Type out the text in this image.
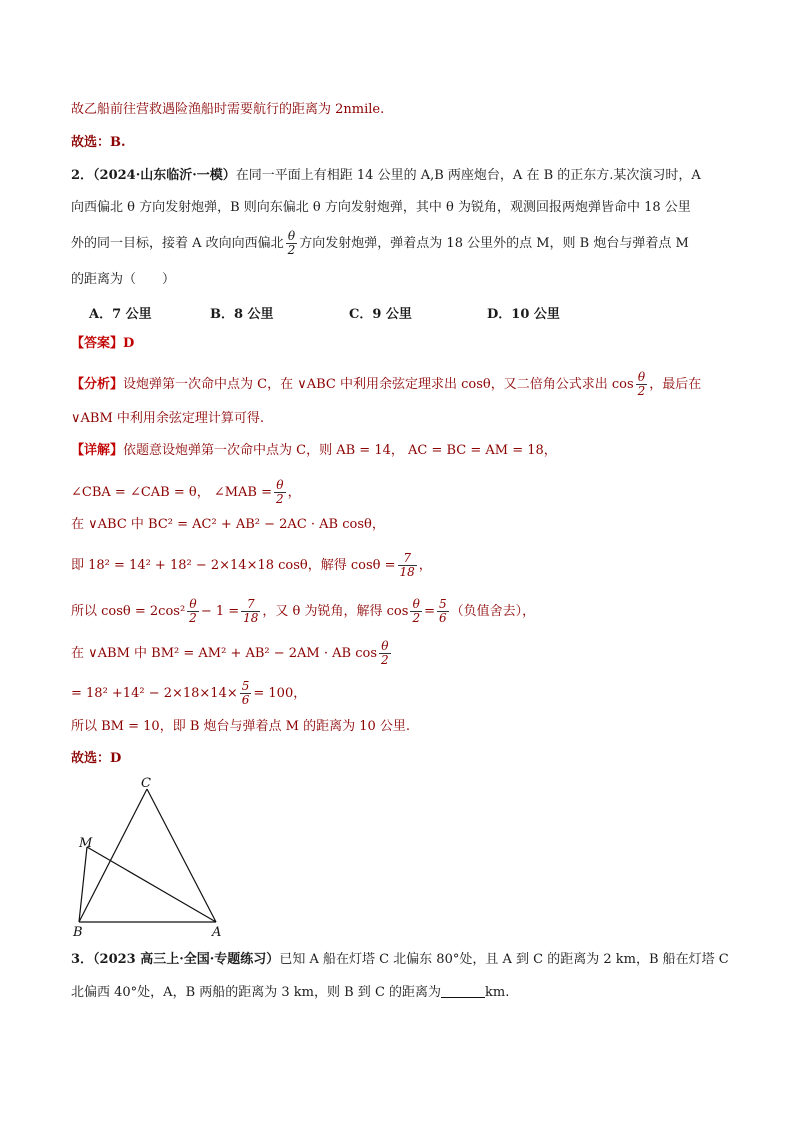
故乙船前往营救遇险渔船时需要航行的距离为 2nmile.
故选：B.
2．（2024·山东临沂·一模）在同一平面上有相距 14 公里的 A,B 两座炮台，A 在 B 的正东方.某次演习时，A
向西偏北 θ 方向发射炮弹，B 则向东偏北 θ 方向发射炮弹，其中 θ 为锐角，观测回报两炮弹皆命中 18 公里
外的同一目标，接着 A 改向向西偏北 $\frac{\theta}{2}$ 方向发射炮弹，弹着点为 18 公里外的点 M，则 B 炮台与弹着点 M
的距离为（　　）
A．7 公里	B．8 公里	C．9 公里	D．10 公里
【答案】D
【分析】设炮弹第一次命中点为 C，在 ∨ABC 中利用余弦定理求出 cosθ，又二倍角公式求出 $\cos \frac{\theta}{2}$ ，最后在
∨ABM 中利用余弦定理计算可得.
【详解】依题意设炮弹第一次命中点为 C，则 AB = 14， AC = BC = AM = 18，
∠CBA = ∠CAB = θ， ∠MAB = $\frac{\theta}{2}$ ，
在 ∨ABC 中 BC² = AC² + AB² − 2AC · AB cosθ，
即 18² = 14² + 18² − 2×14×18 cosθ，解得 $\cos\theta = \frac{7}{18}$ ，
所以 $\cos\theta = 2\cos^2 \frac{\theta}{2} - 1 = \frac{7}{18}$ ，又 θ 为锐角，解得 $\cos \frac{\theta}{2} = \frac{5}{6}$ （负值舍去），
在 ∨ABM 中 BM² = AM² + AB² − 2AM · AB $\cos \frac{\theta}{2}$
= $18^2 +14^2 - 2\times 18\times 14\times \frac{5}{6} = 100$，
所以 BM = 10，即 B 炮台与弹着点 M 的距离为 10 公里.
故选：D
C
M
B	A
3．（2023 高三上·全国·专题练习）已知 A 船在灯塔 C 北偏东 80°处，且 A 到 C 的距离为 2 km，B 船在灯塔 C
北偏西 40°处，A，B 两船的距离为 3 km，则 B 到 C 的距离为	km.
